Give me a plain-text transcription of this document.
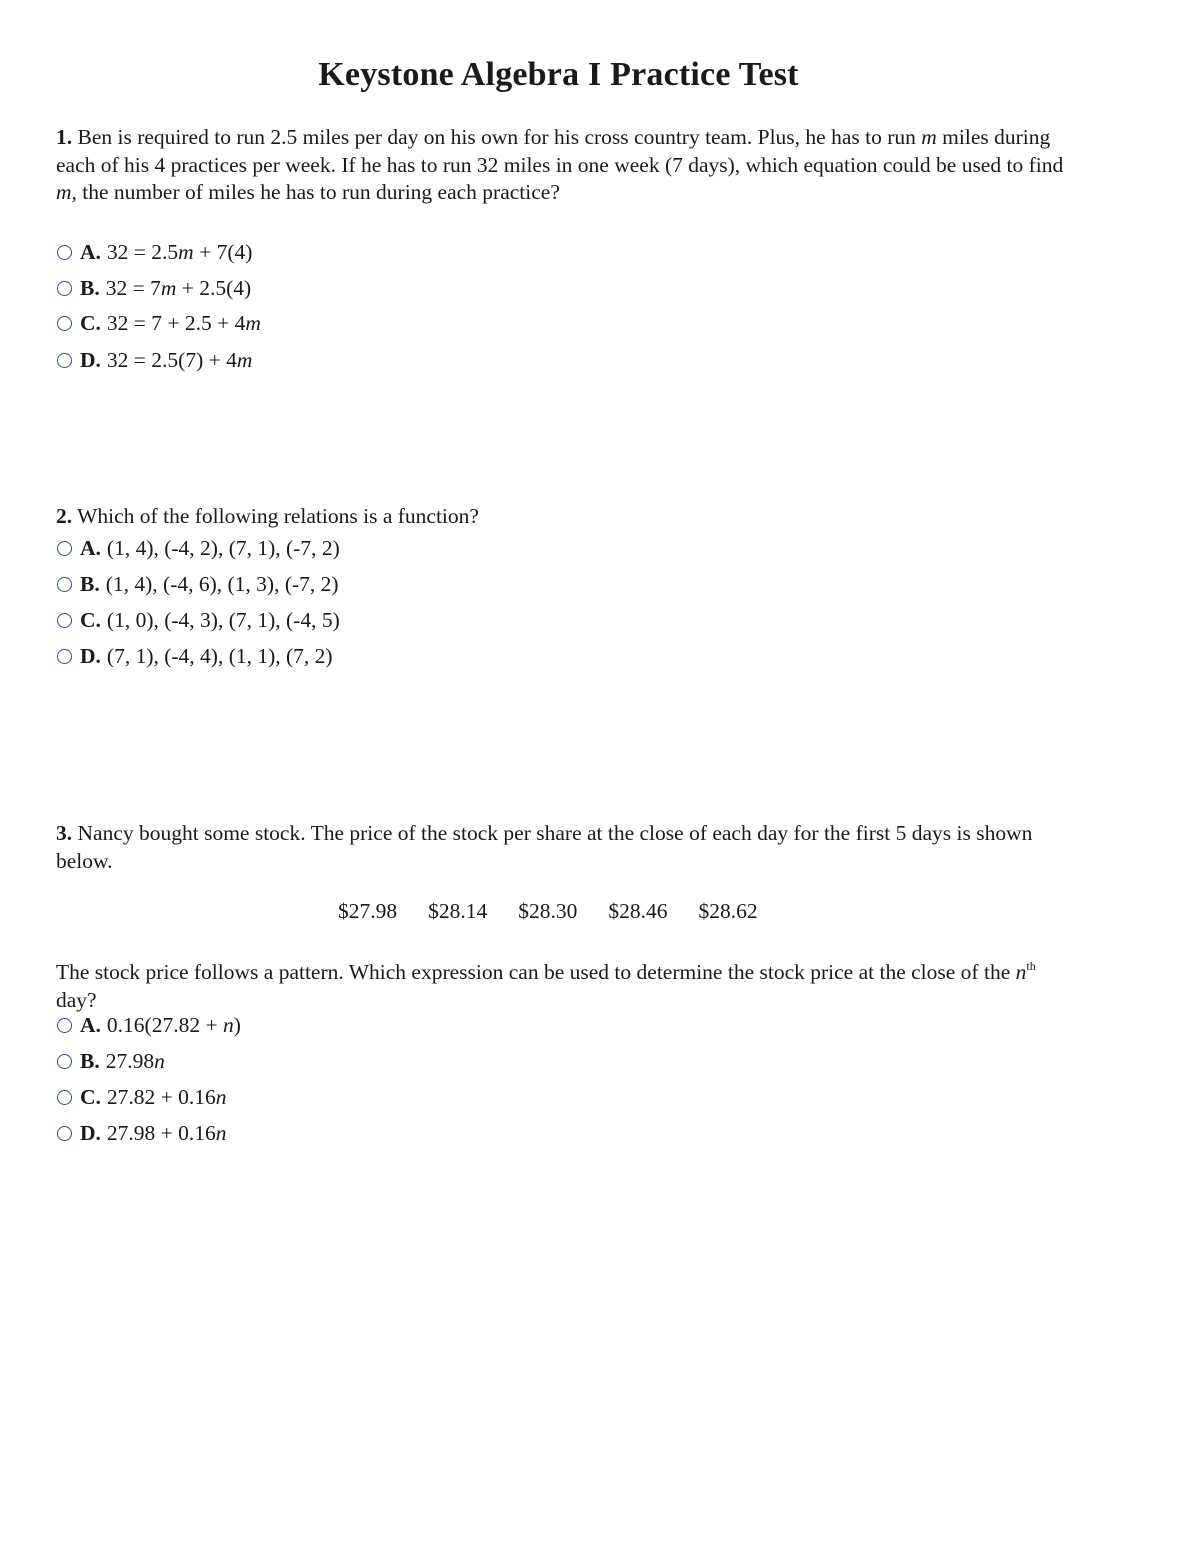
Keystone Algebra I Practice Test
1. Ben is required to run 2.5 miles per day on his own for his cross country team. Plus, he has to run m miles during each of his 4 practices per week. If he has to run 32 miles in one week (7 days), which equation could be used to find m, the number of miles he has to run during each practice?
A. 32 = 2.5 m + 7(4)
B. 32 = 7 m + 2.5(4)
C. 32 = 7 + 2.5 + 4 m
D. 32 = 2.5(7) + 4 m
2. Which of the following relations is a function?
A. (1, 4), (-4, 2), (7, 1), (-7, 2)
B. (1, 4), (-4, 6), (1, 3), (-7, 2)
C. (1, 0), (-4, 3), (7, 1), (-4, 5)
D. (7, 1), (-4, 4), (1, 1), (7, 2)
3. Nancy bought some stock. The price of the stock per share at the close of each day for the first 5 days is shown below.
$27.98 $28.14 $28.30 $28.46 $28.62
The stock price follows a pattern. Which expression can be used to determine the stock price at the close of the $n^{th}$ day?
A. 0.16(27.82 + n )
B. 27.98 n
C. 27.82 + 0.16 n
D. 27.98 + 0.16 n
